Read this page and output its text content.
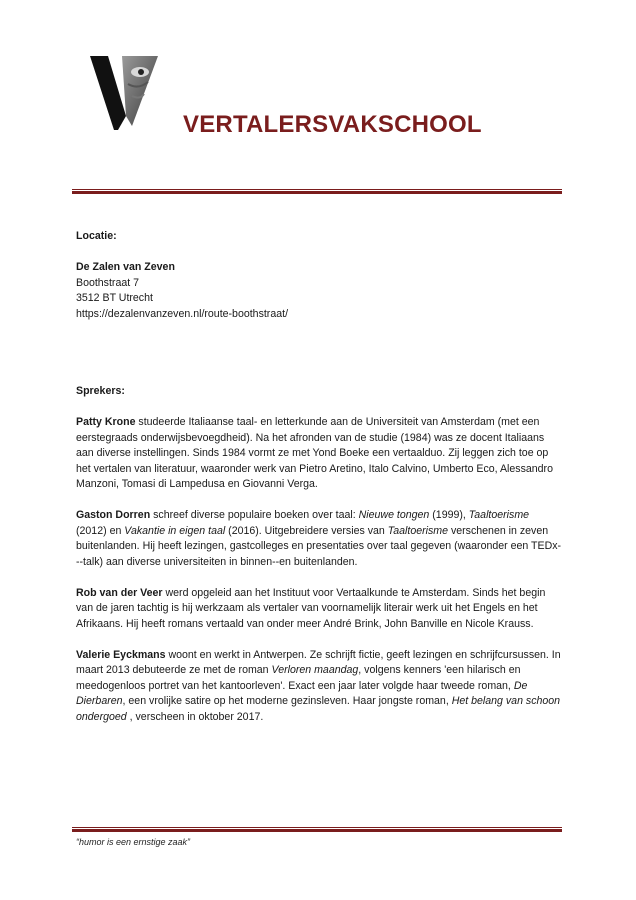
VERTALERSVAKSCHOOL

Locatie:

De Zalen van Zeven
Boothstraat 7
3512 BT Utrecht
https://dezalenvanzeven.nl/route-boothstraat/

Sprekers:

Patty Krone studeerde Italiaanse taal- en letterkunde aan de Universiteit van Amsterdam (met een eerstegraads onderwijsbevoegdheid). Na het afronden van de studie (1984) was ze docent Italiaans aan diverse instellingen. Sinds 1984 vormt ze met Yond Boeke een vertaalduo. Zij leggen zich toe op het vertalen van literatuur, waaronder werk van Pietro Aretino, Italo Calvino, Umberto Eco, Alessandro Manzoni, Tomasi di Lampedusa en Giovanni Verga.

Gaston Dorren schreef diverse populaire boeken over taal: Nieuwe tongen (1999), Taaltoerisme (2012) en Vakantie in eigen taal (2016). Uitgebreidere versies van Taaltoerisme verschenen in zeven buitenlanden. Hij heeft lezingen, gastcolleges en presentaties over taal gegeven (waaronder een TEDx---talk) aan diverse universiteiten in binnen--en buitenlanden.

Rob van der Veer werd opgeleid aan het Instituut voor Vertaalkunde te Amsterdam. Sinds het begin van de jaren tachtig is hij werkzaam als vertaler van voornamelijk literair werk uit het Engels en het Afrikaans. Hij heeft romans vertaald van onder meer André Brink, John Banville en Nicole Krauss.

Valerie Eyckmans woont en werkt in Antwerpen. Ze schrijft fictie, geeft lezingen en schrijfcursussen. In maart 2013 debuteerde ze met de roman Verloren maandag, volgens kenners 'een hilarisch en meedogenloos portret van het kantoorleven'. Exact een jaar later volgde haar tweede roman, De Dierbaren, een vrolijke satire op het moderne gezinsleven. Haar jongste roman, Het belang van schoon ondergoed , verscheen in oktober 2017.

“humor is een ernstige zaak”
